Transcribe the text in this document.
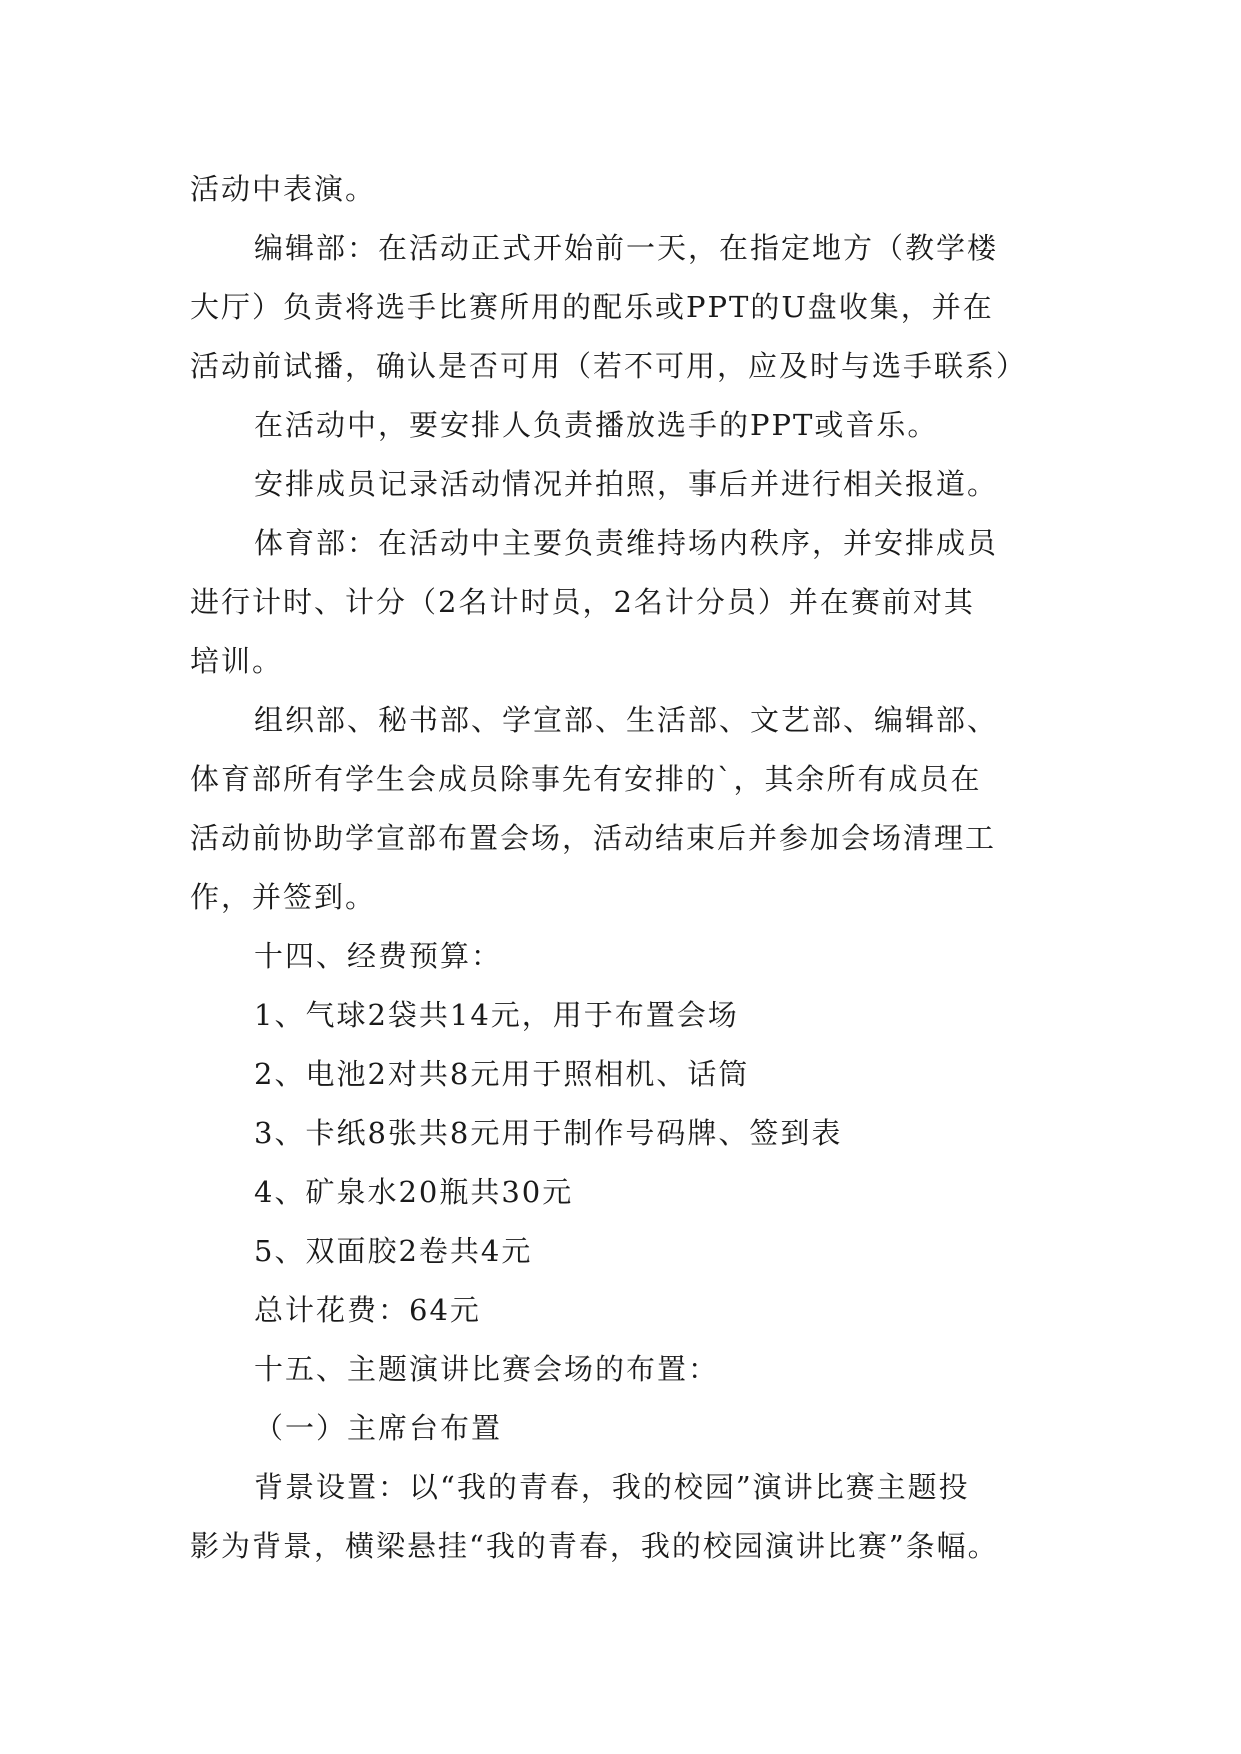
活动中表演。

编辑部：在活动正式开始前一天，在指定地方（教学楼

大厅）负责将选手比赛所用的配乐或PPT的U盘收集，并在

活动前试播，确认是否可用（若不可用，应及时与选手联系）

在活动中，要安排人负责播放选手的PPT或音乐。

安排成员记录活动情况并拍照，事后并进行相关报道。

体育部：在活动中主要负责维持场内秩序，并安排成员

进行计时、计分（2名计时员，2名计分员）并在赛前对其

培训。

组织部、秘书部、学宣部、生活部、文艺部、编辑部、

体育部所有学生会成员除事先有安排的`，其余所有成员在

活动前协助学宣部布置会场，活动结束后并参加会场清理工

作，并签到。

十四、经费预算：

1、气球2袋共14元，用于布置会场

2、电池2对共8元用于照相机、话筒

3、卡纸8张共8元用于制作号码牌、签到表

4、矿泉水20瓶共30元

5、双面胶2卷共4元

总计花费：64元

十五、主题演讲比赛会场的布置：

（一）主席台布置

背景设置：以“我的青春，我的校园”演讲比赛主题投

影为背景，横梁悬挂“我的青春，我的校园演讲比赛”条幅。
